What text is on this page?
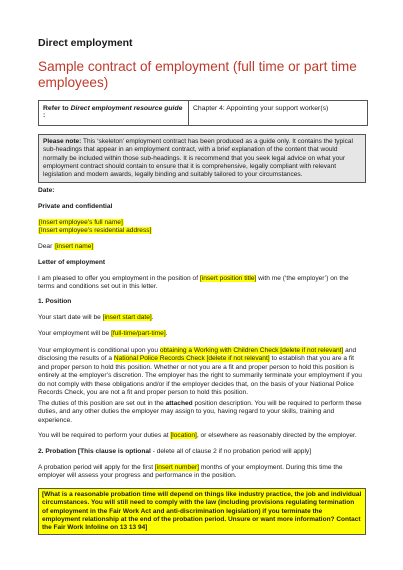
Direct employment
Sample contract of employment (full time or part time employees)
Refer to Direct employment resource guide :
Chapter 4: Appointing your support worker(s)
Please note: This ‘skeleton’ employment contract has been produced as a guide only. It contains the typical sub-headings that appear in an employment contract, with a brief explanation of the content that would normally be included within those sub-headings. It is recommend that you seek legal advice on what your employment contract should contain to ensure that it is comprehensive, legally compliant with relevant legislation and modern awards, legally binding and suitably tailored to your circumstances.
Date:
Private and confidential
[Insert employee’s full name]
[Insert employee’s residential address]
Dear [insert name]
Letter of employment
I am pleased to offer you employment in the position of [insert position title] with me (‘the employer’) on the terms and conditions set out in this letter.
1. Position
Your start date will be [insert start date].
Your employment will be [full-time/part-time].
Your employment is conditional upon you obtaining a Working with Children Check [delete if not relevant] and disclosing the results of a National Police Records Check [delete if not relevant] to establish that you are a fit and proper person to hold this position. Whether or not you are a fit and proper person to hold this position is entirely at the employer’s discretion. The employer has the right to summarily terminate your employment if you do not comply with these obligations and/or if the employer decides that, on the basis of your National Police Records Check, you are not a fit and proper person to hold this position.
The duties of this position are set out in the attached position description. You will be required to perform these duties, and any other duties the employer may assign to you, having regard to your skills, training and experience.
You will be required to perform your duties at [location], or elsewhere as reasonably directed by the employer.
2. Probation [This clause is optional - delete all of clause 2 if no probation period will apply]
A probation period will apply for the first [insert number] months of your employment. During this time the employer will assess your progress and performance in the position.
[What is a reasonable probation time will depend on things like industry practice, the job and individual circumstances. You will still need to comply with the law (including provisions regulating termination of employment in the Fair Work Act and anti-discrimination legislation) if you terminate the employment relationship at the end of the probation period. Unsure or want more information? Contact the Fair Work Infoline on 13 13 94]
